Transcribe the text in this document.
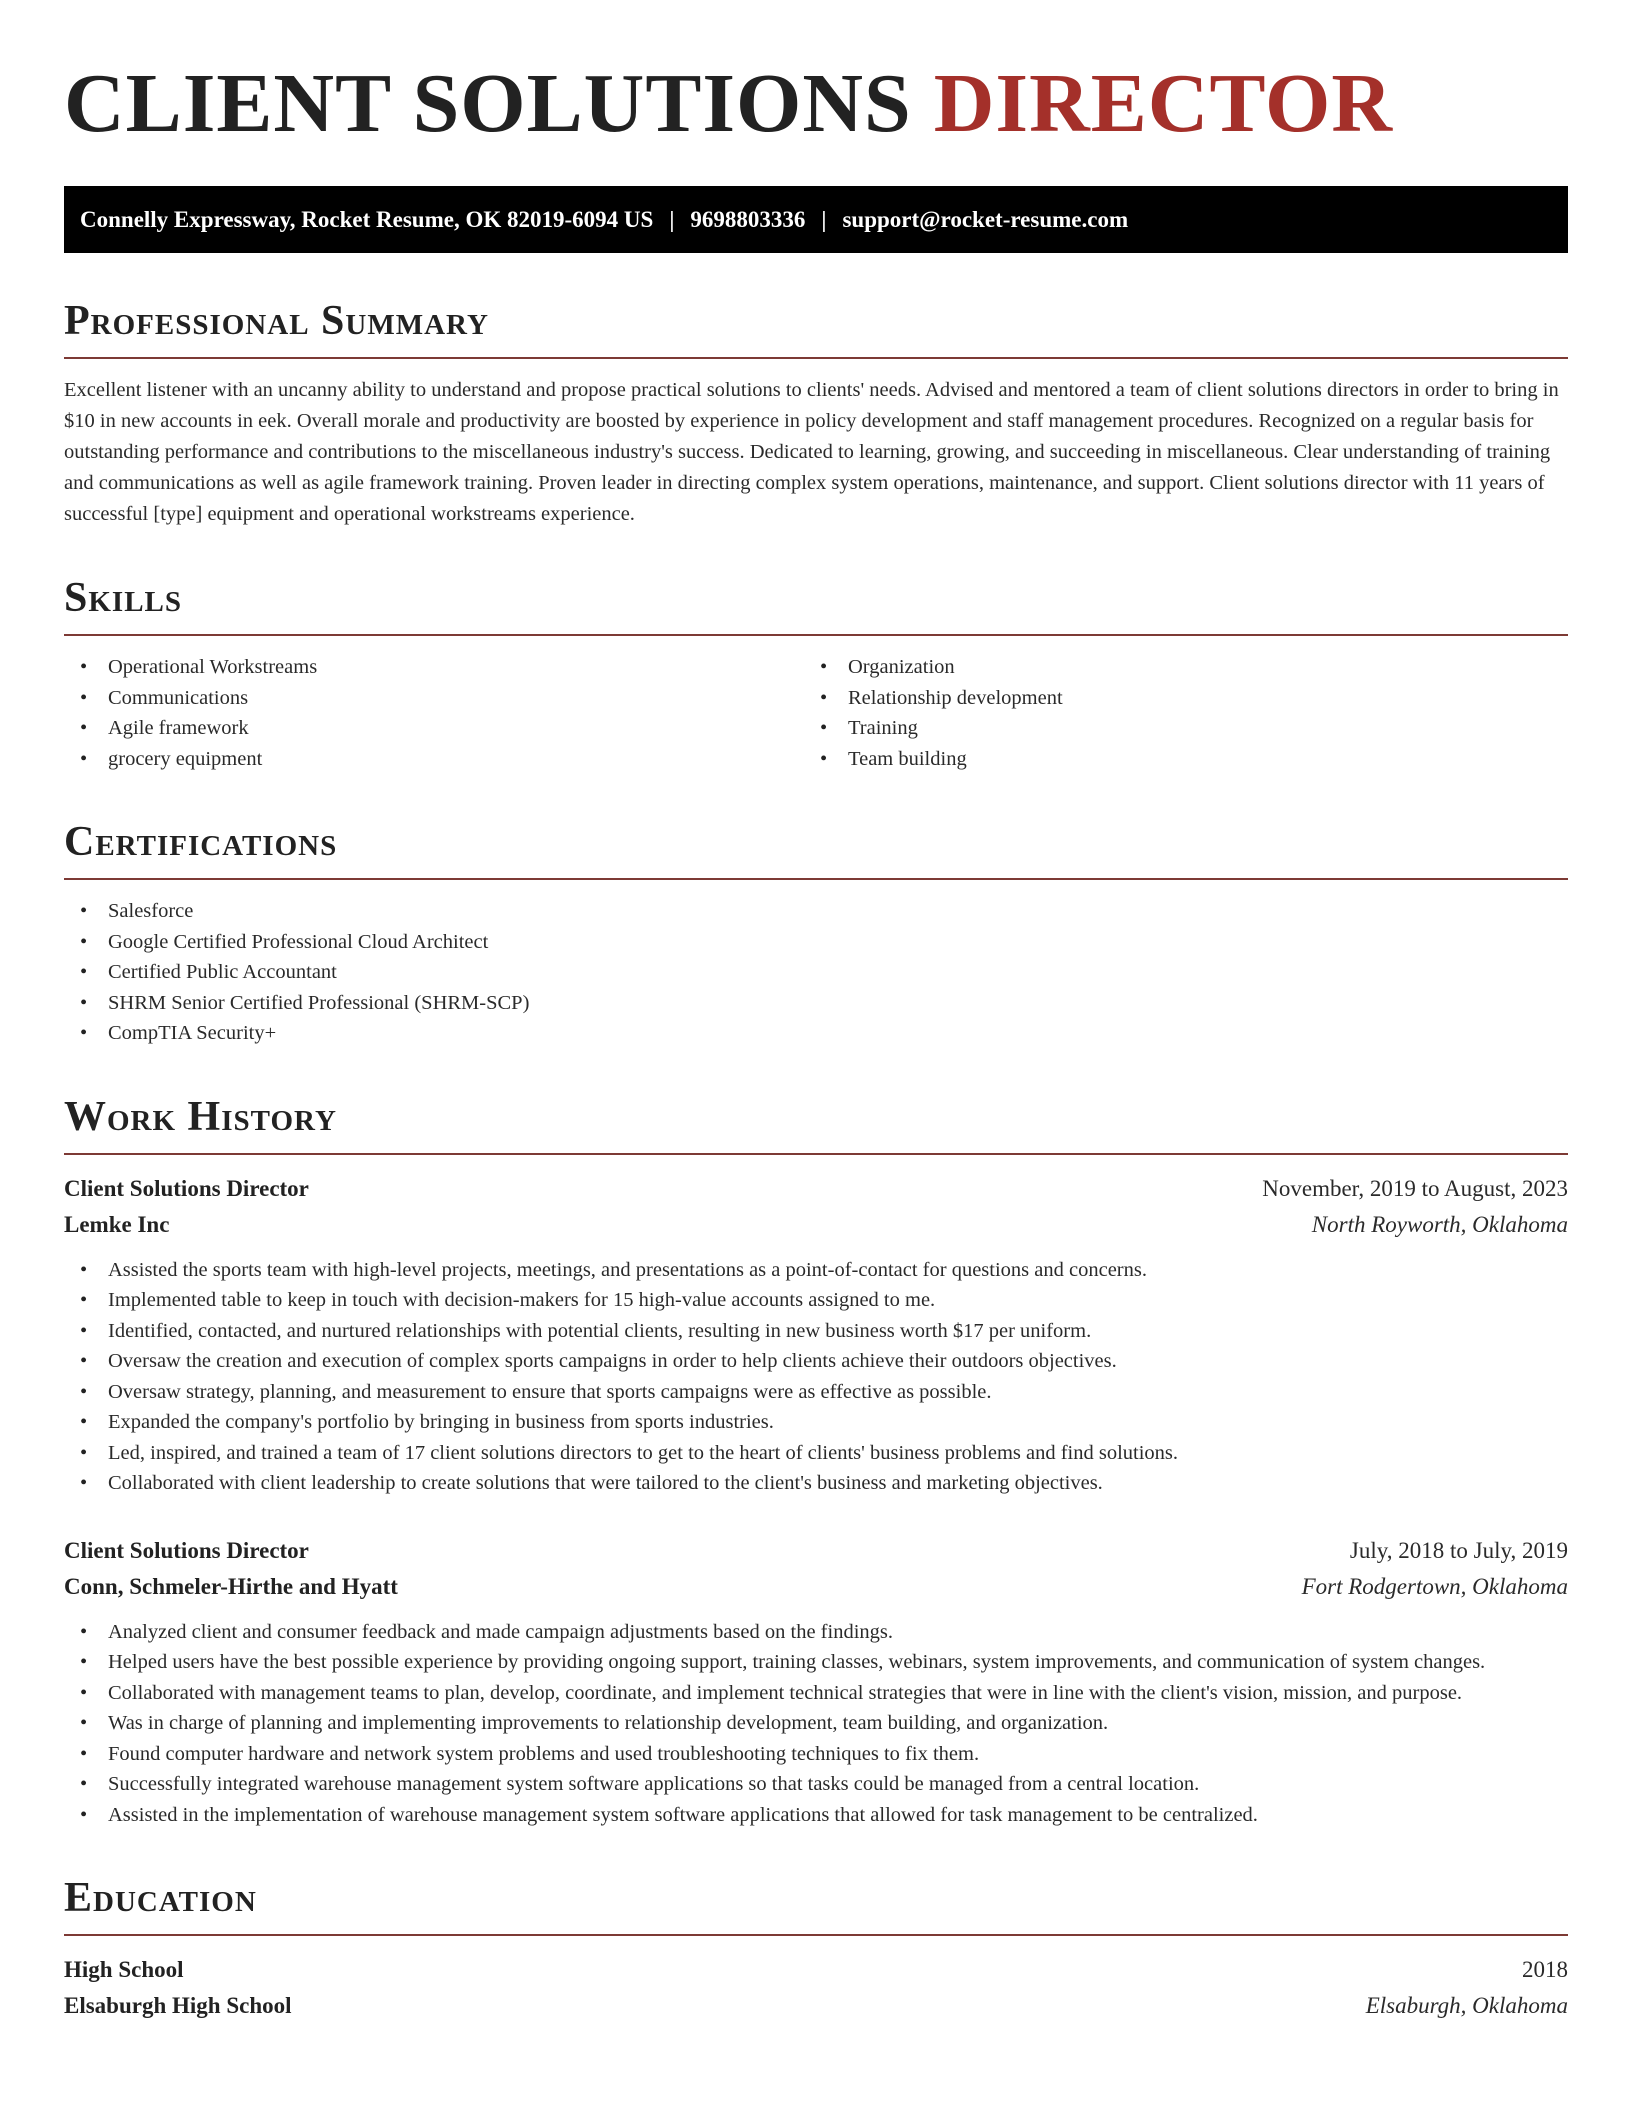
CLIENT SOLUTIONS DIRECTOR
Connelly Expressway, Rocket Resume, OK 82019-6094 US | 9698803336 | support@rocket-resume.com
Professional Summary

Excellent listener with an uncanny ability to understand and propose practical solutions to clients' needs. Advised and mentored a team of client solutions directors in order to bring in $10 in new accounts in eek. Overall morale and productivity are boosted by experience in policy development and staff management procedures. Recognized on a regular basis for outstanding performance and contributions to the miscellaneous industry's success. Dedicated to learning, growing, and succeeding in miscellaneous. Clear understanding of training and communications as well as agile framework training. Proven leader in directing complex system operations, maintenance, and support. Client solutions director with 11 years of successful [type] equipment and operational workstreams experience.

Skills
• Operational Workstreams
• Communications
• Agile framework
• grocery equipment
• Organization
• Relationship development
• Training
• Team building
Certifications
• Salesforce
• Google Certified Professional Cloud Architect
• Certified Public Accountant
• SHRM Senior Certified Professional (SHRM-SCP)
• CompTIA Security+
Work History
Client Solutions Director	November, 2019 to August, 2023
Lemke Inc	North Royworth, Oklahoma
• Assisted the sports team with high-level projects, meetings, and presentations as a point-of-contact for questions and concerns.
• Implemented table to keep in touch with decision-makers for 15 high-value accounts assigned to me.
• Identified, contacted, and nurtured relationships with potential clients, resulting in new business worth $17 per uniform.
• Oversaw the creation and execution of complex sports campaigns in order to help clients achieve their outdoors objectives.
• Oversaw strategy, planning, and measurement to ensure that sports campaigns were as effective as possible.
• Expanded the company's portfolio by bringing in business from sports industries.
• Led, inspired, and trained a team of 17 client solutions directors to get to the heart of clients' business problems and find solutions.
• Collaborated with client leadership to create solutions that were tailored to the client's business and marketing objectives.
Client Solutions Director	July, 2018 to July, 2019
Conn, Schmeler-Hirthe and Hyatt	Fort Rodgertown, Oklahoma
• Analyzed client and consumer feedback and made campaign adjustments based on the findings.
• Helped users have the best possible experience by providing ongoing support, training classes, webinars, system improvements, and communication of system changes.
• Collaborated with management teams to plan, develop, coordinate, and implement technical strategies that were in line with the client's vision, mission, and purpose.
• Was in charge of planning and implementing improvements to relationship development, team building, and organization.
• Found computer hardware and network system problems and used troubleshooting techniques to fix them.
• Successfully integrated warehouse management system software applications so that tasks could be managed from a central location.
• Assisted in the implementation of warehouse management system software applications that allowed for task management to be centralized.
Education
High School	2018
Elsaburgh High School	Elsaburgh, Oklahoma
